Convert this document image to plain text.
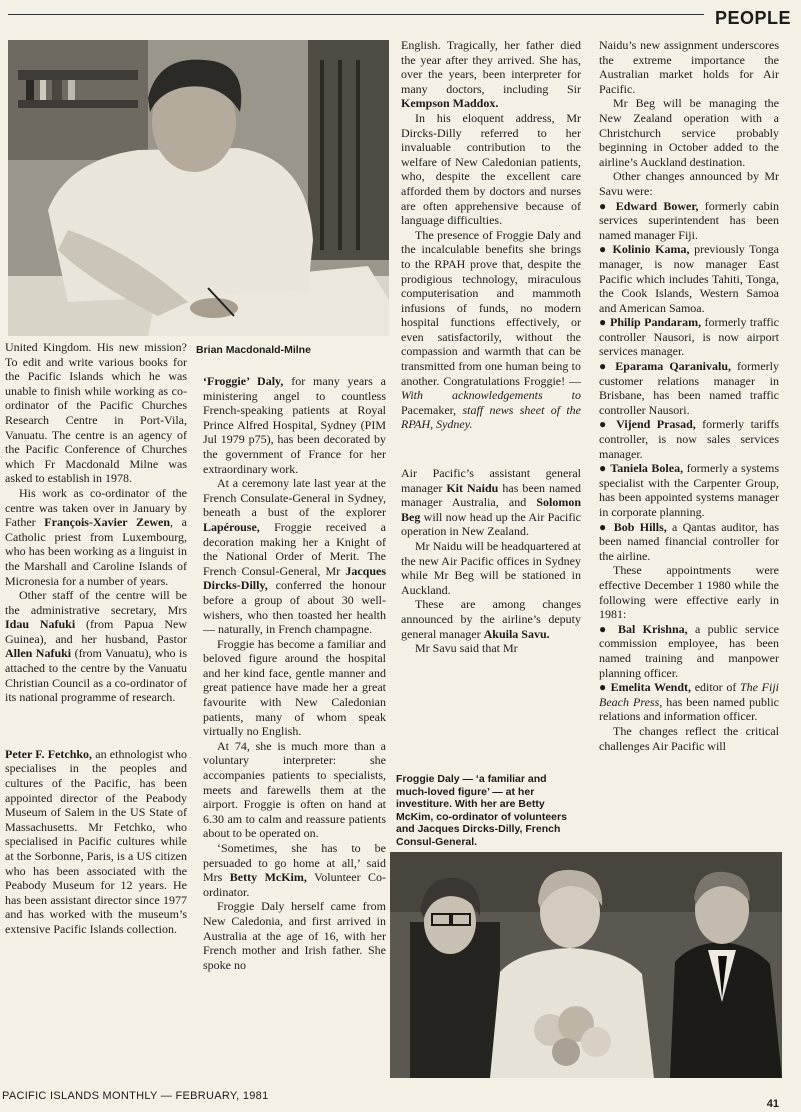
PEOPLE

Brian Macdonald-Milne

United Kingdom. His new mission? To edit and write various books for the Pacific Islands which he was unable to finish while working as co-ordinator of the Pacific Churches Research Centre in Port-Vila, Vanuatu. The centre is an agency of the Pacific Conference of Churches which Fr Macdonald Milne was asked to establish in 1978.

His work as co-ordinator of the centre was taken over in January by Father François-Xavier Zewen, a Catholic priest from Luxembourg, who has been working as a linguist in the Marshall and Caroline Islands of Micronesia for a number of years.

Other staff of the centre will be the administrative secretary, Mrs Idau Nafuki (from Papua New Guinea), and her husband, Pastor Allen Nafuki (from Vanuatu), who is attached to the centre by the Vanuatu Christian Council as a co-ordinator of its national programme of research.

Peter F. Fetchko, an ethnologist who specialises in the peoples and cultures of the Pacific, has been appointed director of the Peabody Museum of Salem in the US State of Massachusetts. Mr Fetchko, who specialised in Pacific cultures while at the Sorbonne, Paris, is a US citizen who has been associated with the Peabody Museum for 12 years. He has been assistant director since 1977 and has worked with the museum’s extensive Pacific Islands collection.

‘Froggie’ Daly, for many years a ministering angel to countless French-speaking patients at Royal Prince Alfred Hospital, Sydney (PIM Jul 1979 p75), has been decorated by the government of France for her extraordinary work.

At a ceremony late last year at the French Consulate-General in Sydney, beneath a bust of the explorer Lapérouse, Froggie received a decoration making her a Knight of the National Order of Merit. The French Consul-General, Mr Jacques Dircks-Dilly, conferred the honour before a group of about 30 well-wishers, who then toasted her health — naturally, in French champagne.

Froggie has become a familiar and beloved figure around the hospital and her kind face, gentle manner and great patience have made her a great favourite with New Caledonian patients, many of whom speak virtually no English.

At 74, she is much more than a voluntary interpreter: she accompanies patients to specialists, meets and farewells them at the airport. Froggie is often on hand at 6.30 am to calm and reassure patients about to be operated on.

‘Sometimes, she has to be persuaded to go home at all,’ said Mrs Betty McKim, Volunteer Co-ordinator.

Froggie Daly herself came from New Caledonia, and first arrived in Australia at the age of 16, with her French mother and Irish father. She spoke no

English. Tragically, her father died the year after they arrived. She has, over the years, been interpreter for many doctors, including Sir Kempson Maddox.

In his eloquent address, Mr Dircks-Dilly referred to her invaluable contribution to the welfare of New Caledonian patients, who, despite the excellent care afforded them by doctors and nurses are often apprehensive because of language difficulties.

The presence of Froggie Daly and the incalculable benefits she brings to the RPAH prove that, despite the prodigious technology, miraculous computerisation and mammoth infusions of funds, no modern hospital functions effectively, or even satisfactorily, without the compassion and warmth that can be transmitted from one human being to another. Congratulations Froggie! — With acknowledgements to Pacemaker, staff news sheet of the RPAH, Sydney.

Air Pacific’s assistant general manager Kit Naidu has been named manager Australia, and Solomon Beg will now head up the Air Pacific operation in New Zealand.

Mr Naidu will be headquartered at the new Air Pacific offices in Sydney while Mr Beg will be stationed in Auckland.

These are among changes announced by the airline’s deputy general manager Akuila Savu.

Mr Savu said that Mr

Froggie Daly — ‘a familiar and much-loved figure’ — at her investiture. With her are Betty McKim, co-ordinator of volunteers and Jacques Dircks-Dilly, French Consul-General.

Naidu’s new assignment underscores the extreme importance the Australian market holds for Air Pacific.

Mr Beg will be managing the New Zealand operation with a Christchurch service probably beginning in October added to the airline’s Auckland destination.

Other changes announced by Mr Savu were:

● Edward Bower, formerly cabin services superintendent has been named manager Fiji.

● Kolinio Kama, previously Tonga manager, is now manager East Pacific which includes Tahiti, Tonga, the Cook Islands, Western Samoa and American Samoa.

● Philip Pandaram, formerly traffic controller Nausori, is now airport services manager.

● Eparama Qaranivalu, formerly customer relations manager in Brisbane, has been named traffic controller Nausori.

● Vijend Prasad, formerly tariffs controller, is now sales services manager.

● Taniela Bolea, formerly a systems specialist with the Carpenter Group, has been appointed systems manager in corporate planning.

● Bob Hills, a Qantas auditor, has been named financial controller for the airline.

These appointments were effective December 1 1980 while the following were effective early in 1981:

● Bal Krishna, a public service commission employee, has been named training and manpower planning officer.

● Emelita Wendt, editor of The Fiji Beach Press, has been named public relations and information officer.

The changes reflect the critical challenges Air Pacific will

PACIFIC ISLANDS MONTHLY — FEBRUARY, 1981

41
